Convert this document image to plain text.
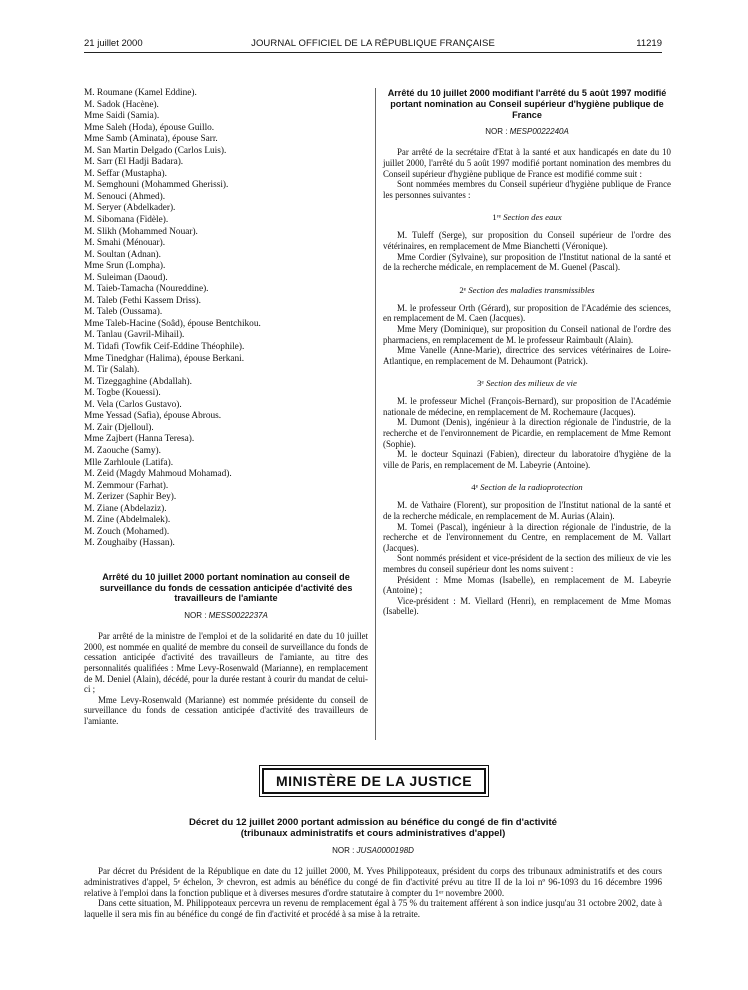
21 juillet 2000	JOURNAL OFFICIEL DE LA RÉPUBLIQUE FRANÇAISE	11219
M. Roumane (Kamel Eddine).
M. Sadok (Hacène).
Mme Saidi (Samia).
Mme Saleh (Hoda), épouse Guillo.
Mme Samb (Aminata), épouse Sarr.
M. San Martin Delgado (Carlos Luis).
M. Sarr (El Hadji Badara).
M. Seffar (Mustapha).
M. Semghouni (Mohammed Gherissi).
M. Senouci (Ahmed).
M. Seryer (Abdelkader).
M. Sibomana (Fidèle).
M. Slikh (Mohammed Nouar).
M. Smahi (Ménouar).
M. Soultan (Adnan).
Mme Srun (Lompha).
M. Suleiman (Daoud).
M. Taieb-Tamacha (Noureddine).
M. Taleb (Fethi Kassem Driss).
M. Taleb (Oussama).
Mme Taleb-Hacine (Soâd), épouse Bentchikou.
M. Tanlau (Gavril-Mihail).
M. Tidafi (Towfik Ceif-Eddine Théophile).
Mme Tinedghar (Halima), épouse Berkani.
M. Tir (Salah).
M. Tizeggaghine (Abdallah).
M. Togbe (Kouessi).
M. Vela (Carlos Gustavo).
Mme Yessad (Safia), épouse Abrous.
M. Zair (Djelloul).
Mme Zajbert (Hanna Teresa).
M. Zaouche (Samy).
Mlle Zarhloule (Latifa).
M. Zeid (Magdy Mahmoud Mohamad).
M. Zemmour (Farhat).
M. Zerizer (Saphir Bey).
M. Ziane (Abdelaziz).
M. Zine (Abdelmalek).
M. Zouch (Mohamed).
M. Zoughaiby (Hassan).
Arrêté du 10 juillet 2000 portant nomination au conseil de surveillance du fonds de cessation anticipée d'activité des travailleurs de l'amiante
NOR : MESS0022237A

Par arrêté de la ministre de l'emploi et de la solidarité en date du 10 juillet 2000, est nommée en qualité de membre du conseil de surveillance du fonds de cessation anticipée d'activité des travailleurs de l'amiante, au titre des personnalités qualifiées : Mme Levy-Rosenwald (Marianne), en remplacement de M. Deniel (Alain), décédé, pour la durée restant à courir du mandat de celui-ci ;

Mme Levy-Rosenwald (Marianne) est nommée présidente du conseil de surveillance du fonds de cessation anticipée d'activité des travailleurs de l'amiante.

Arrêté du 10 juillet 2000 modifiant l'arrêté du 5 août 1997 modifié portant nomination au Conseil supérieur d'hygiène publique de France
NOR : MESP0022240A

Par arrêté de la secrétaire d'Etat à la santé et aux handicapés en date du 10 juillet 2000, l'arrêté du 5 août 1997 modifié portant nomination des membres du Conseil supérieur d'hygiène publique de France est modifié comme suit :

Sont nommées membres du Conseil supérieur d'hygiène publique de France les personnes suivantes :

1ʳᵉ Section des eaux

M. Tuleff (Serge), sur proposition du Conseil supérieur de l'ordre des vétérinaires, en remplacement de Mme Bianchetti (Véronique).

Mme Cordier (Sylvaine), sur proposition de l'Institut national de la santé et de la recherche médicale, en remplacement de M. Guenel (Pascal).

2ᵉ Section des maladies transmissibles

M. le professeur Orth (Gérard), sur proposition de l'Académie des sciences, en remplacement de M. Caen (Jacques).

Mme Mery (Dominique), sur proposition du Conseil national de l'ordre des pharmaciens, en remplacement de M. le professeur Raimbault (Alain).

Mme Vanelle (Anne-Marie), directrice des services vétérinaires de Loire-Atlantique, en remplacement de M. Dehaumont (Patrick).

3ᵉ Section des milieux de vie

M. le professeur Michel (François-Bernard), sur proposition de l'Académie nationale de médecine, en remplacement de M. Rochemaure (Jacques).

M. Dumont (Denis), ingénieur à la direction régionale de l'industrie, de la recherche et de l'environnement de Picardie, en remplacement de Mme Remont (Sophie).

M. le docteur Squinazi (Fabien), directeur du laboratoire d'hygiène de la ville de Paris, en remplacement de M. Labeyrie (Antoine).

4ᵉ Section de la radioprotection

M. de Vathaire (Florent), sur proposition de l'Institut national de la santé et de la recherche médicale, en remplacement de M. Aurias (Alain).

M. Tomei (Pascal), ingénieur à la direction régionale de l'industrie, de la recherche et de l'environnement du Centre, en remplacement de M. Vallart (Jacques).

Sont nommés président et vice-président de la section des milieux de vie les membres du conseil supérieur dont les noms suivent :

Président : Mme Momas (Isabelle), en remplacement de M. Labeyrie (Antoine) ;

Vice-président : M. Viellard (Henri), en remplacement de Mme Momas (Isabelle).

MINISTÈRE DE LA JUSTICE
Décret du 12 juillet 2000 portant admission au bénéfice du congé de fin d'activité
(tribunaux administratifs et cours administratives d'appel)
NOR : JUSA0000198D

Par décret du Président de la République en date du 12 juillet 2000, M. Yves Philippoteaux, président du corps des tribunaux administratifs et des cours administratives d'appel, 5ᵉ échelon, 3ᵉ chevron, est admis au bénéfice du congé de fin d'activité prévu au titre II de la loi nº 96-1093 du 16 décembre 1996 relative à l'emploi dans la fonction publique et à diverses mesures d'ordre statutaire à compter du 1ᵉʳ novembre 2000.

Dans cette situation, M. Philippoteaux percevra un revenu de remplacement égal à 75 % du traitement afférent à son indice jusqu'au 31 octobre 2002, date à laquelle il sera mis fin au bénéfice du congé de fin d'activité et procédé à sa mise à la retraite.
